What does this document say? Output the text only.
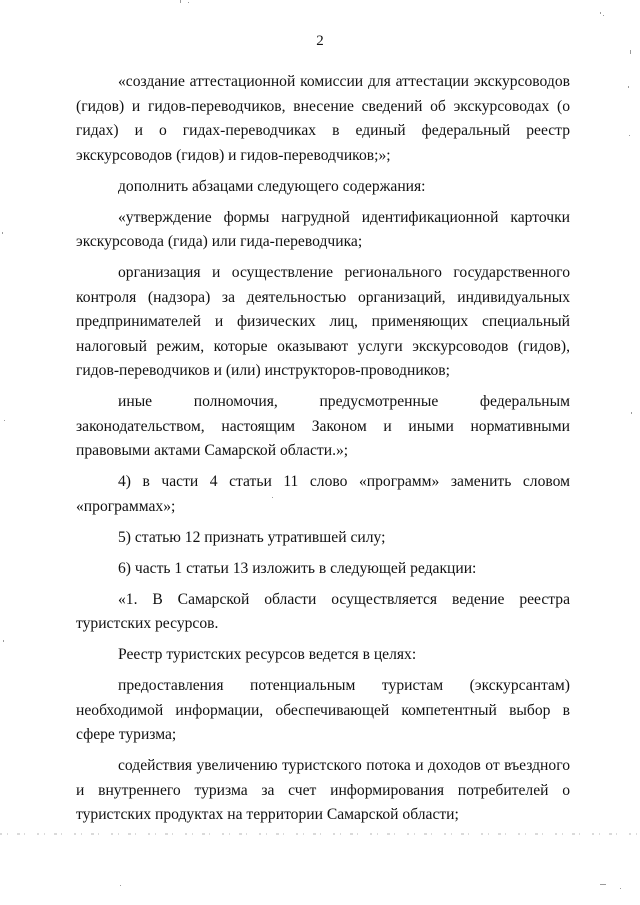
2

«создание аттестационной комиссии для аттестации экскурсоводов (гидов) и гидов-переводчиков, внесение сведений об экскурсоводах (о гидах) и о гидах-переводчиках в единый федеральный реестр экскурсоводов (гидов) и гидов-переводчиков;»;

дополнить абзацами следующего содержания:

«утверждение формы нагрудной идентификационной карточки экскурсовода (гида) или гида-переводчика;

организация и осуществление регионального государственного контроля (надзора) за деятельностью организаций, индивидуальных предпринимателей и физических лиц, применяющих специальный налоговый режим, которые оказывают услуги экскурсоводов (гидов), гидов-переводчиков и (или) инструкторов-проводников;

иные полномочия, предусмотренные федеральным законодательством, настоящим Законом и иными нормативными правовыми актами Самарской области.»;

4) в части 4 статьи 11 слово «программ» заменить словом «программах»;

5) статью 12 признать утратившей силу;

6) часть 1 статьи 13 изложить в следующей редакции:

«1. В Самарской области осуществляется ведение реестра туристских ресурсов.

Реестр туристских ресурсов ведется в целях:

предоставления потенциальным туристам (экскурсантам) необходимой информации, обеспечивающей компетентный выбор в сфере туризма;

содействия увеличению туристского потока и доходов от въездного и внутреннего туризма за счет информирования потребителей о туристских продуктах на территории Самарской области;
